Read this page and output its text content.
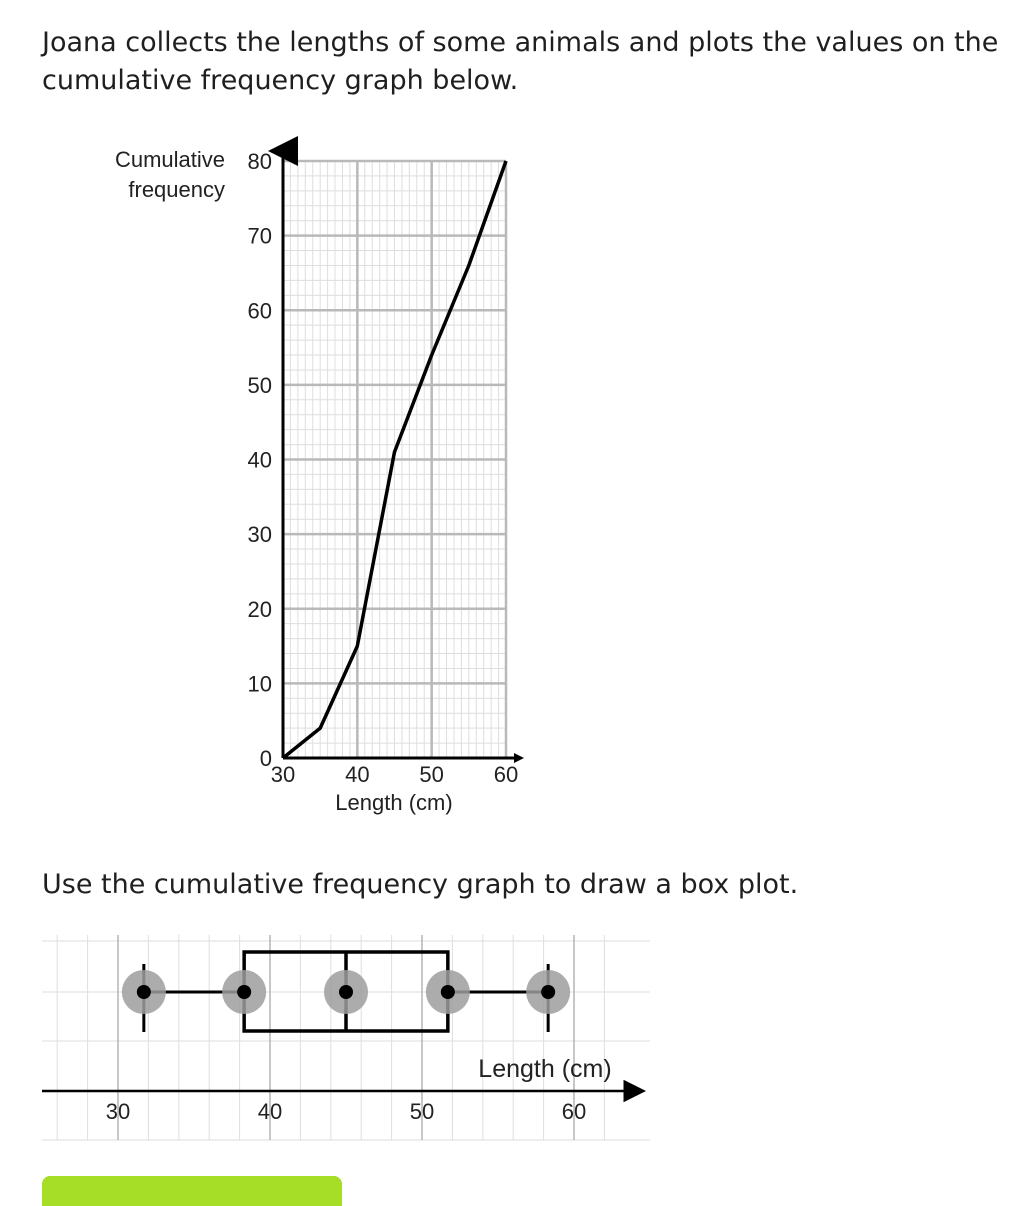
Joana collects the lengths of some animals and plots the values on the cumulative frequency graph below.

0
10
20
30
40
50
60
70
80
30 40 50 60
Cumulative
frequency
Length (cm)

Use the cumulative frequency graph to draw a box plot.

30	40	50	60
Length (cm)
